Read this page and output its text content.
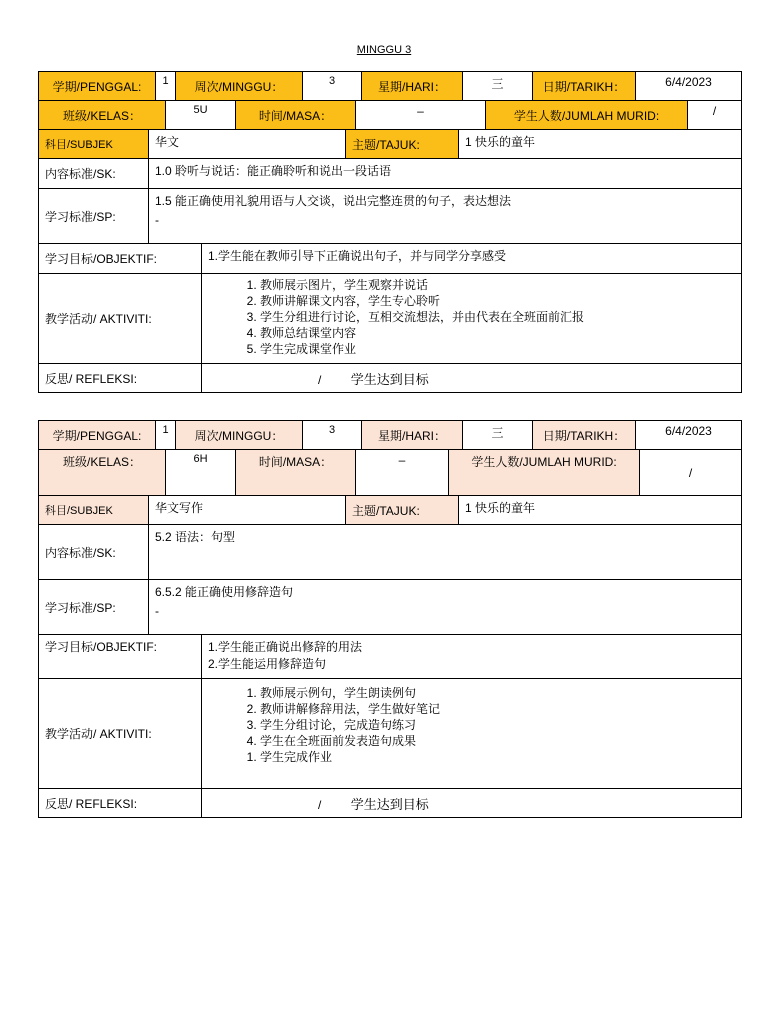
MINGGU 3
学期/PENGGAL:	1	周次/MINGGU：	3	星期/HARI：	三	日期/TARIKH：	6/4/2023
班级/KELAS：	5U	时间/MASA：	–	学生人数/JUMLAH MURID:	/
科目/SUBJEK	华文	主题/TAJUK:	1 快乐的童年
内容标准/SK:	1.0 聆听与说话：能正确聆听和说出一段话语
学习标准/SP:	1.5 能正确使用礼貌用语与人交谈，说出完整连贯的句子，表达想法
-
学习目标/OBJEKTIF:	1.学生能在教师引导下正确说出句子，并与同学分享感受
教学活动/ AKTIVITI:	
1. 教师展示图片，学生观察并说话
2. 教师讲解课文内容，学生专心聆听
3. 学生分组进行讨论，互相交流想法，并由代表在全班面前汇报
4. 教师总结课堂内容
5. 学生完成课堂作业
反思/ REFLEKSI:	/ 学生达到目标
学期/PENGGAL:	1	周次/MINGGU：	3	星期/HARI：	三	日期/TARIKH：	6/4/2023
班级/KELAS：	6H	时间/MASA：	–	学生人数/JUMLAH MURID:	/
科目/SUBJEK	华文写作	主题/TAJUK:	1 快乐的童年
内容标准/SK:	5.2 语法：句型
学习标准/SP:	6.5.2 能正确使用修辞造句
-
学习目标/OBJEKTIF:	1.学生能正确说出修辞的用法
2.学生能运用修辞造句
教学活动/ AKTIVITI:	
1. 教师展示例句，学生朗读例句
2. 教师讲解修辞用法，学生做好笔记
3. 学生分组讨论，完成造句练习
4. 学生在全班面前发表造句成果
1. 学生完成作业
反思/ REFLEKSI:	/ 学生达到目标
